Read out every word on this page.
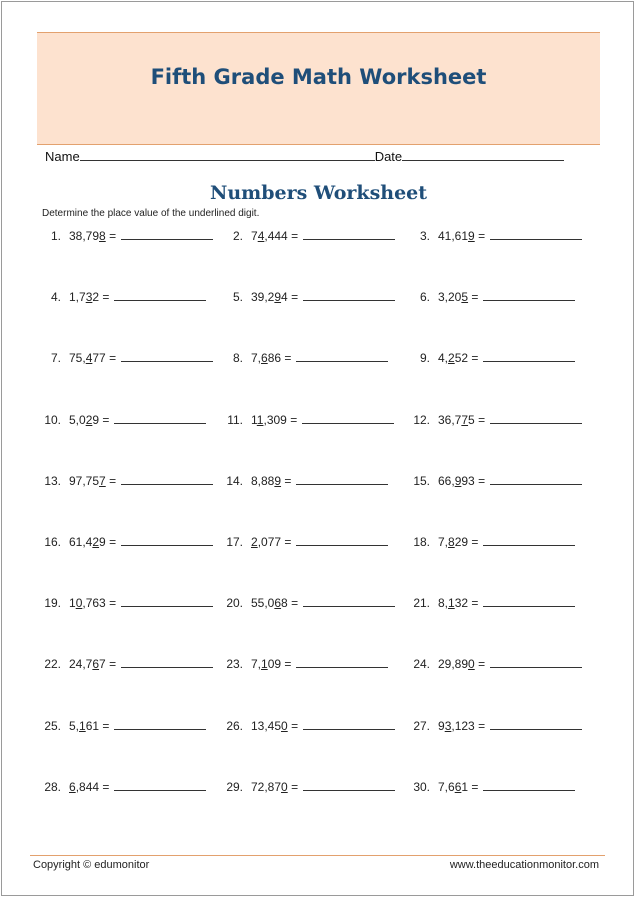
Fifth Grade Math Worksheet
Name	Date
Numbers Worksheet
Determine the place value of the underlined digit.
1. 38,798 =	2. 74,444 =	3. 41,619 =
4. 1,732 =	5. 39,294 =	6. 3,205 =
7. 75,477 =	8. 7,686 =	9. 4,252 =
10. 5,029 =	11. 11,309 =	12. 36,775 =
13. 97,757 =	14. 8,889 =	15. 66,993 =
16. 61,429 =	17. 2,077 =	18. 7,829 =
19. 10,763 =	20. 55,068 =	21. 8,132 =
22. 24,767 =	23. 7,109 =	24. 29,890 =
25. 5,161 =	26. 13,450 =	27. 93,123 =
28. 6,844 =	29. 72,870 =	30. 7,661 =
Copyright © edumonitor	www.theeducationmonitor.com
